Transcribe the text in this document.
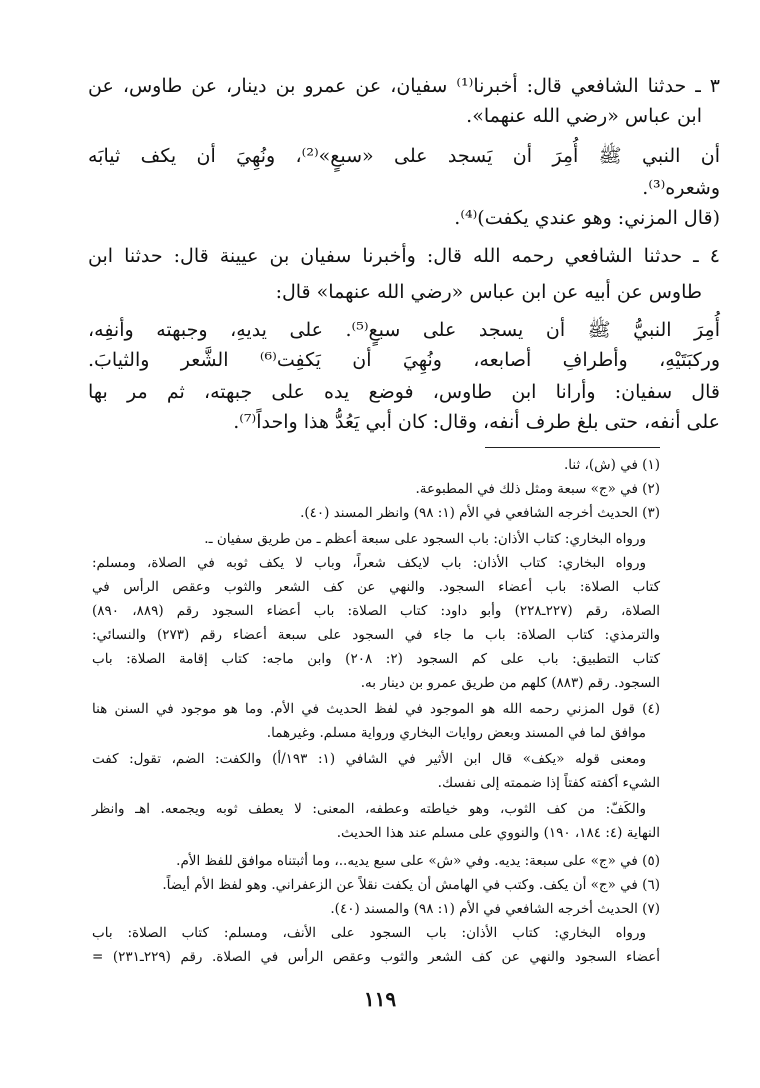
٣ ـ حدثنا الشافعي قال: أخبرنا⁽¹⁾ سفيان، عن عمرو بن دينار، عن طاوس، عن
ابن عباس «رضي الله عنهما».
أن النبي ﷺ أُمِرَ أن يَسجد على «سبعٍ»⁽²⁾، ونُهِيَ أن يكف ثيابَه
وشعره⁽³⁾.
(قال المزني: وهو عندي يكفت)⁽⁴⁾.
٤ ـ حدثنا الشافعي رحمه الله قال: وأخبرنا سفيان بن عيينة قال: حدثنا ابن
طاوس عن أبيه عن ابن عباس «رضي الله عنهما» قال:
أُمِرَ النبيُّ ﷺ أن يسجد على سبعٍ⁽⁵⁾. على يديهِ، وجبهته وأنفِه،
وركبَتَيْهِ، وأطرافِ أصابعه، ونُهِيَ أن يَكفِت⁽⁶⁾ الشَّعر والثيابَ.
قال سفيان: وأرانا ابن طاوس، فوضع يده على جبهته، ثم مر بها
على أنفه، حتى بلغ طرف أنفه، وقال: كان أبي يَعُدُّ هذا واحداً⁽⁷⁾.
(١) في (ش)، ثنا.
(٢) في «ج» سبعة ومثل ذلك في المطبوعة.
(٣) الحديث أخرجه الشافعي في الأم (١: ٩٨) وانظر المسند (٤٠).
ورواه البخاري: كتاب الأذان: باب السجود على سبعة أعظم ـ من طريق سفيان ـ.
ورواه البخاري: كتاب الأذان: باب لايكف شعراً، وباب لا يكف ثوبه في الصلاة، ومسلم:
كتاب الصلاة: باب أعضاء السجود. والنهي عن كف الشعر والثوب وعقص الرأس في
الصلاة، رقم (٢٢٧ـ٢٢٨) وأبو داود: كتاب الصلاة: باب أعضاء السجود رقم (٨٨٩، ٨٩٠)
والترمذي: كتاب الصلاة: باب ما جاء في السجود على سبعة أعضاء رقم (٢٧٣) والنسائي:
كتاب التطبيق: باب على كم السجود (٢: ٢٠٨) وابن ماجه: كتاب إقامة الصلاة: باب
السجود. رقم (٨٨٣) كلهم من طريق عمرو بن دينار به.
(٤) قول المزني رحمه الله هو الموجود في لفظ الحديث في الأم. وما هو موجود في السنن هنا
موافق لما في المسند وبعض روايات البخاري ورواية مسلم. وغيرهما.
ومعنى قوله «يكف» قال ابن الأثير في الشافي (١: ١٩٣/أ) والكفت: الضم، تقول: كفت
الشيء أكفته كفتاً إذا ضممته إلى نفسك.
والكَفّ: من كف الثوب، وهو خياطته وعطفه، المعنى: لا يعطف ثوبه ويجمعه. اهـ وانظر
النهاية (٤: ١٨٤، ١٩٠) والنووي على مسلم عند هذا الحديث.
(٥) في «ج» على سبعة: يديه. وفي «ش» على سبع يديه..، وما أثبتناه موافق للفظ الأم.
(٦) في «ج» أن يكف. وكتب في الهامش أن يكفت نقلاً عن الزعفراني. وهو لفظ الأم أيضاً.
(٧) الحديث أخرجه الشافعي في الأم (١: ٩٨) والمسند (٤٠).
ورواه البخاري: كتاب الأذان: باب السجود على الأنف، ومسلم: كتاب الصلاة: باب
أعضاء السجود والنهي عن كف الشعر والثوب وعقص الرأس في الصلاة. رقم (٢٢٩ـ٢٣١) =
١١٩
